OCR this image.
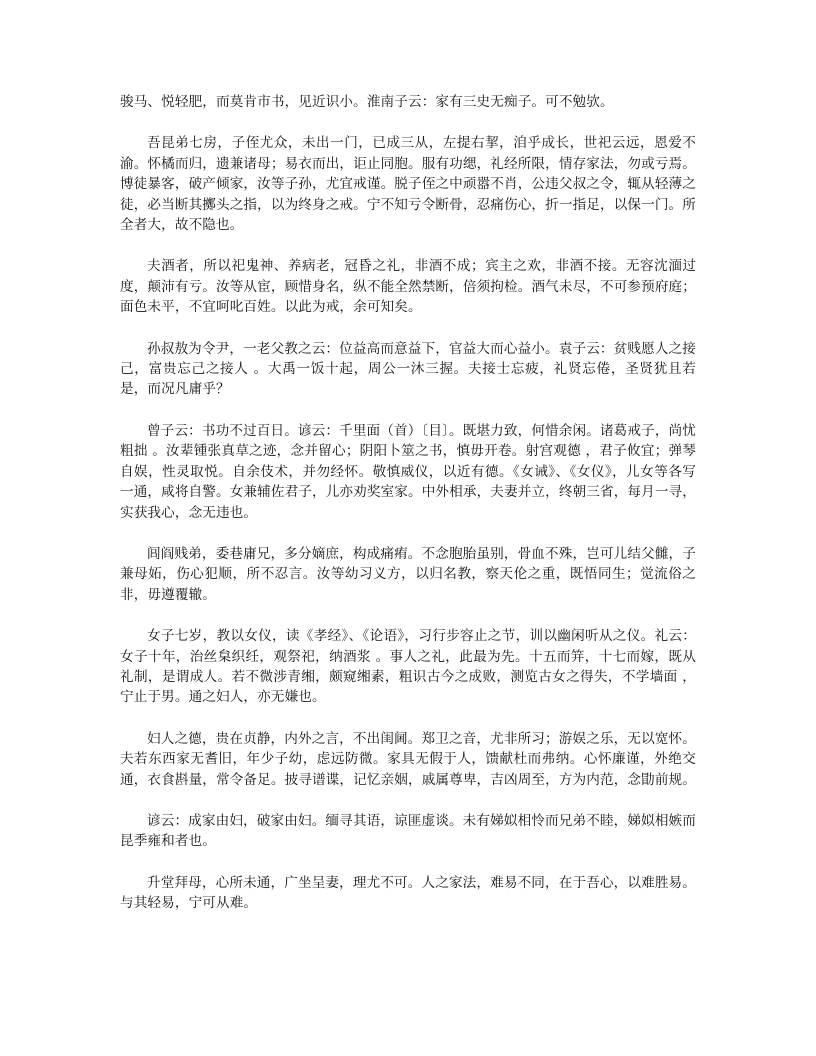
骏马、悦轻肥，而莫肯市书，见近识小。淮南子云：家有三史无痴子。可不勉欤。

吾昆弟七房，子侄尤众，未出一门，已成三从，左提右挈，洎乎成长，世祀云远，恩爱不渝。怀橘而归，遗兼诸母；易衣而出，讵止同胞。服有功缌，礼经所限，情存家法，勿或亏焉。博徒暴客，破产倾家，汝等子孙，尤宜戒谨。脱子侄之中顽嚣不肖，公违父叔之令，辄从轻薄之徒，必当断其擲头之指，以为终身之戒。宁不知亏令断骨，忍痛伤心，折一指足，以保一门。所全者大，故不隐也。

夫酒者，所以祀鬼神、养病老，冠昏之礼，非酒不成；宾主之欢，非酒不接。无容沈湎过度，颠沛有亏。汝等从宦，顾惜身名，纵不能全然禁断，倍须拘检。酒气未尽，不可参预府庭；面色未平，不宜呵叱百姓。以此为戒，余可知矣。

孙叔敖为令尹，一老父教之云：位益高而意益下，官益大而心益小。袁子云：贫贱愿人之接己，富贵忘己之接人 。大禹一饭十起，周公一沐三握。夫接士忘疲，礼贤忘倦，圣贤犹且若是，而况凡庸乎？

曾子云：书功不过百日。谚云：千里面（首）〔目〕。既堪力致，何惜余闲。诸葛戒子，尚忧粗拙 。汝辈锺张真草之迹，念并留心；阴阳卜筮之书，慎毋开卷。射宫观德 ，君子攸宜；弹琴自娱，性灵取悦。自余伎术，并勿经怀。敬慎威仪，以近有德。《女诫》、《女仪》，儿女等各写一通，咸将自警。女兼辅佐君子，儿亦劝奖室家。中外相承，夫妻并立，终朝三省，每月一寻，实获我心，念无违也。

闾阎贱弟，委巷庸兄，多分嫡庶，构成痛痏。不念胞胎虽别，骨血不殊，岂可儿结父雠，子兼母妬，伤心犯顺，所不忍言。汝等幼习义方，以归名教，察天伦之重，既悟同生；觉流俗之非，毋遵覆辙。

女子七岁，教以女仪，读《孝经》、《论语》，习行步容止之节，训以幽闲听从之仪。礼云：女子十年，治丝枲织纴，观祭祀，纳酒浆 。事人之礼，此最为先。十五而笄，十七而嫁，既从礼制，是谓成人。若不微涉青缃，颇窥缃素，粗识古今之成败，测览古女之得失，不学墙面 ，宁止于男。通之妇人，亦无嫌也。

妇人之德，贵在贞静，内外之言，不出闺阃。郑卫之音，尤非所习；游娱之乐，无以宽怀。夫若东西家无耆旧，年少子幼，虑远防微。家具无假于人，馈献杜而弗纳。心怀廉谨，外绝交通，衣食斟量，常令备足。披寻谱谍，记忆亲姻，戚属尊卑，吉凶周至，方为内范，念勖前规。

谚云：成家由妇，破家由妇。缅寻其语，谅匪虚谈。未有娣姒相怜而兄弟不睦，娣姒相嫉而昆季雍和者也。

升堂拜母，心所未通，广坐呈妻，理尤不可。人之家法，难易不同，在于吾心，以难胜易。与其轻易，宁可从难。
